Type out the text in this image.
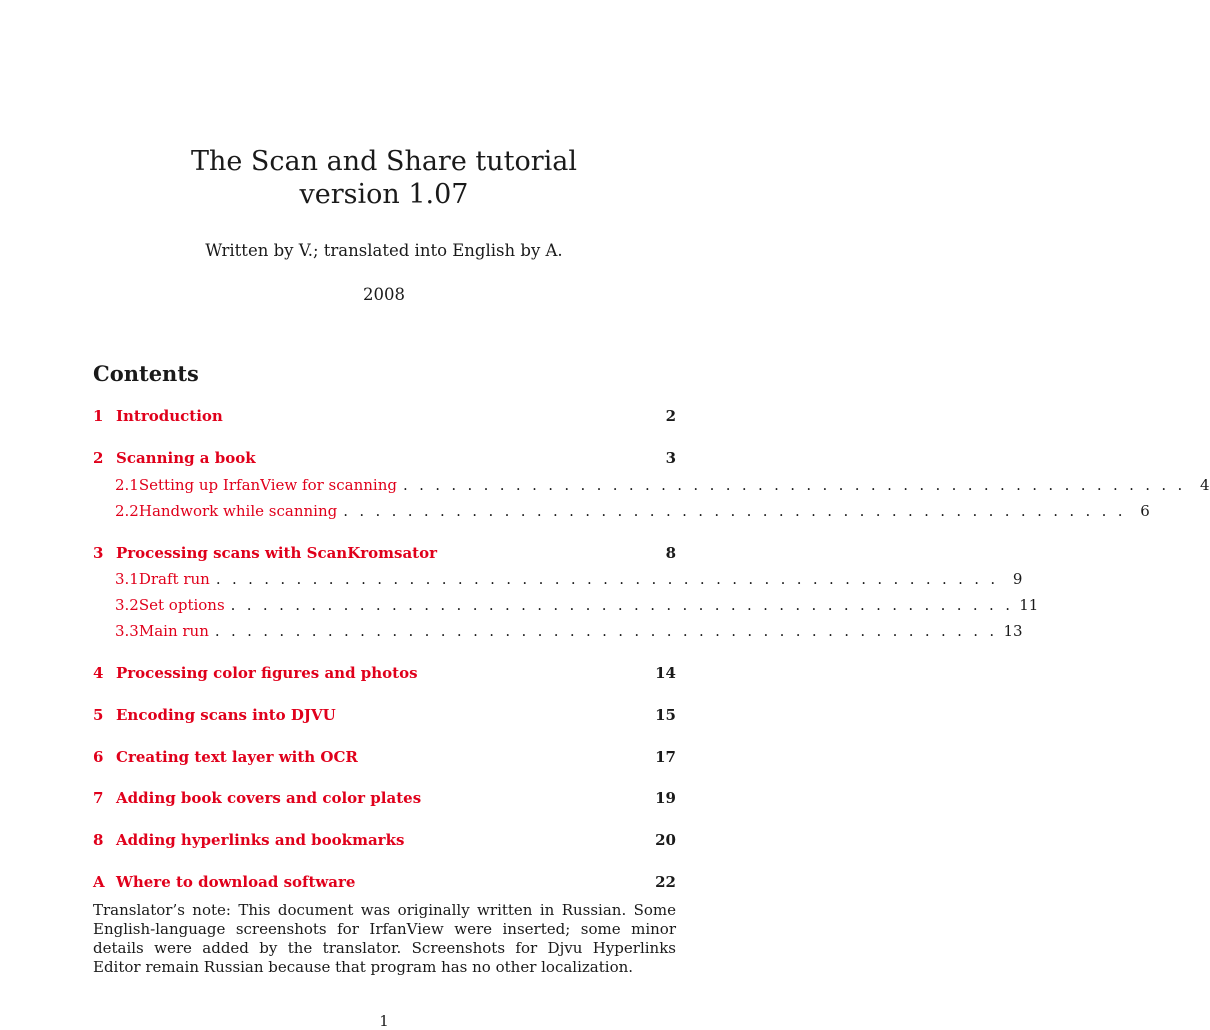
The Scan and Share tutorial
version 1.07
Written by V.; translated into English by A.
2008
Contents
1 Introduction	2
2 Scanning a book	3
2.1 Setting up IrfanView for scanning . . . . . . . . . . . . . . . . . . . . . . . . . . . . . . . . . . . . . . . . . . . . . . . . . 4
2.2 Handwork while scanning . . . . . . . . . . . . . . . . . . . . . . . . . . . . . . . . . . . . . . . . . . . . . . . . . 6
3 Processing scans with ScanKromsator	8
3.1 Draft run . . . . . . . . . . . . . . . . . . . . . . . . . . . . . . . . . . . . . . . . . . . . . . . . . 9
3.2 Set options . . . . . . . . . . . . . . . . . . . . . . . . . . . . . . . . . . . . . . . . . . . . . . . . . 11
3.3 Main run . . . . . . . . . . . . . . . . . . . . . . . . . . . . . . . . . . . . . . . . . . . . . . . . . 13
4 Processing color figures and photos	14
5 Encoding scans into DJVU	15
6 Creating text layer with OCR	17
7 Adding book covers and color plates	19
8 Adding hyperlinks and bookmarks	20
A Where to download software	22
Translator’s note: This document was originally written in Russian. Some English-language screenshots for IrfanView were inserted; some minor details were added by the translator. Screenshots for Djvu Hyperlinks Editor remain Russian because that program has no other localization.
1
